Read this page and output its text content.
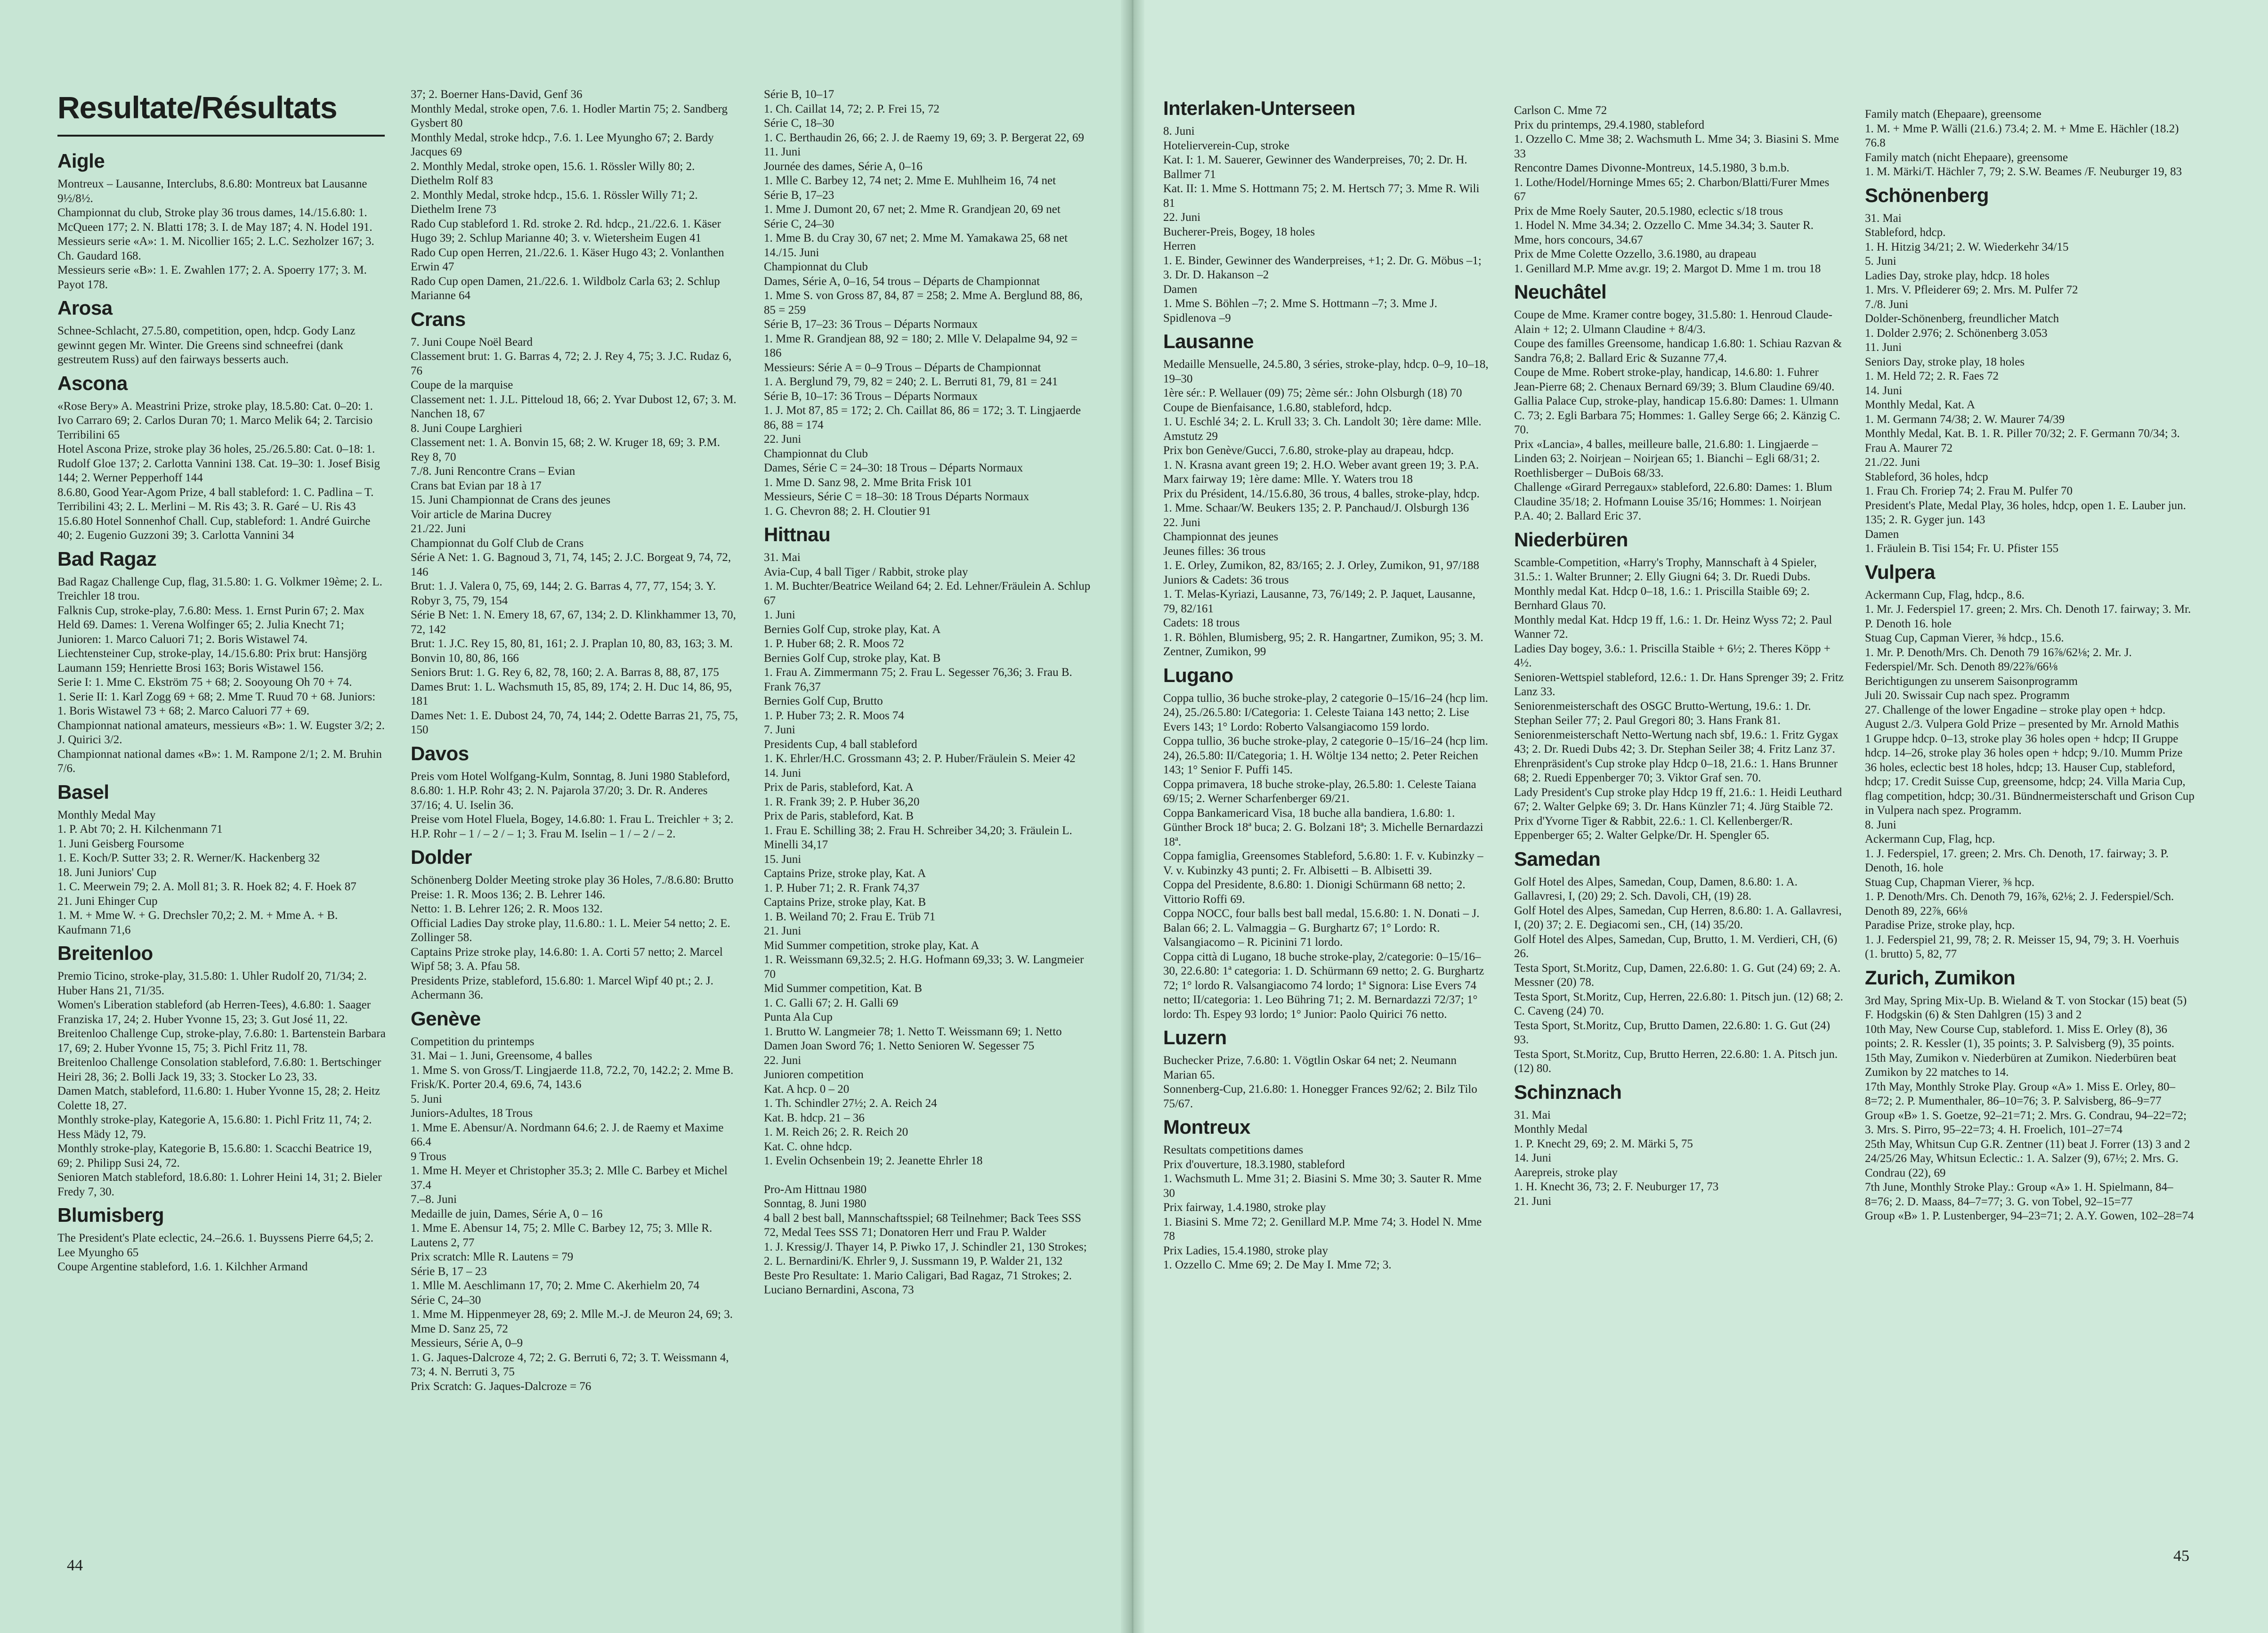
Resultate/Résultats
Aigle

Montreux – Lausanne, Interclubs, 8.6.80: Montreux bat Lausanne 9½/8½.

Championnat du club, Stroke play 36 trous dames, 14./15.6.80: 1. McQueen 177; 2. N. Blatti 178; 3. I. de May 187; 4. N. Hodel 191.

Messieurs serie «A»: 1. M. Nicollier 165; 2. L.C. Sezholzer 167; 3. Ch. Gaudard 168.

Messieurs serie «B»: 1. E. Zwahlen 177; 2. A. Spoerry 177; 3. M. Payot 178.

Arosa

Schnee-Schlacht, 27.5.80, competition, open, hdcp. Gody Lanz gewinnt gegen Mr. Winter. Die Greens sind schneefrei (dank gestreutem Russ) auf den fairways besserts auch.

Ascona

«Rose Bery» A. Meastrini Prize, stroke play, 18.5.80: Cat. 0–20: 1. Ivo Carraro 69; 2. Carlos Duran 70; 1. Marco Melik 64; 2. Tarcisio Terribilini 65

Hotel Ascona Prize, stroke play 36 holes, 25./26.5.80: Cat. 0–18: 1. Rudolf Gloe 137; 2. Carlotta Vannini 138. Cat. 19–30: 1. Josef Bisig 144; 2. Werner Pepperhoff 144

8.6.80, Good Year-Agom Prize, 4 ball stableford: 1. C. Padlina – T. Terribilini 43; 2. L. Merlini – M. Ris 43; 3. R. Garé – U. Ris 43

15.6.80 Hotel Sonnenhof Chall. Cup, stableford: 1. André Guirche 40; 2. Eugenio Guzzoni 39; 3. Carlotta Vannini 34

Bad Ragaz

Bad Ragaz Challenge Cup, flag, 31.5.80: 1. G. Volkmer 19ème; 2. L. Treichler 18 trou.

Falknis Cup, stroke-play, 7.6.80: Mess. 1. Ernst Purin 67; 2. Max Held 69. Dames: 1. Verena Wolfinger 65; 2. Julia Knecht 71; Junioren: 1. Marco Caluori 71; 2. Boris Wistawel 74.

Liechtensteiner Cup, stroke-play, 14./15.6.80: Prix brut: Hansjörg Laumann 159; Henriette Brosi 163; Boris Wistawel 156.

Serie I: 1. Mme C. Ekström 75 + 68; 2. Sooyoung Oh 70 + 74.

1. Serie II: 1. Karl Zogg 69 + 68; 2. Mme T. Ruud 70 + 68. Juniors: 1. Boris Wistawel 73 + 68; 2. Marco Caluori 77 + 69.

Championnat national amateurs, messieurs «B»: 1. W. Eugster 3/2; 2. J. Quirici 3/2.

Championnat national dames «B»: 1. M. Rampone 2/1; 2. M. Bruhin 7/6.

Basel

Monthly Medal May

1. P. Abt 70; 2. H. Kilchenmann 71

1. Juni Geisberg Foursome

1. E. Koch/P. Sutter 33; 2. R. Werner/K. Hackenberg 32

18. Juni Juniors' Cup

1. C. Meerwein 79; 2. A. Moll 81; 3. R. Hoek 82; 4. F. Hoek 87

21. Juni Ehinger Cup

1. M. + Mme W. + G. Drechsler 70,2; 2. M. + Mme A. + B. Kaufmann 71,6

Breitenloo

Premio Ticino, stroke-play, 31.5.80: 1. Uhler Rudolf 20, 71/34; 2. Huber Hans 21, 71/35.

Women's Liberation stableford (ab Herren-Tees), 4.6.80: 1. Saager Franziska 17, 24; 2. Huber Yvonne 15, 23; 3. Gut José 11, 22.

Breitenloo Challenge Cup, stroke-play, 7.6.80: 1. Bartenstein Barbara 17, 69; 2. Huber Yvonne 15, 75; 3. Pichl Fritz 11, 78.

Breitenloo Challenge Consolation stableford, 7.6.80: 1. Bertschinger Heiri 28, 36; 2. Bolli Jack 19, 33; 3. Stocker Lo 23, 33.

Damen Match, stableford, 11.6.80: 1. Huber Yvonne 15, 28; 2. Heitz Colette 18, 27.

Monthly stroke-play, Kategorie A, 15.6.80: 1. Pichl Fritz 11, 74; 2. Hess Mädy 12, 79.

Monthly stroke-play, Kategorie B, 15.6.80: 1. Scacchi Beatrice 19, 69; 2. Philipp Susi 24, 72.

Senioren Match stableford, 18.6.80: 1. Lohrer Heini 14, 31; 2. Bieler Fredy 7, 30.

Blumisberg

The President's Plate eclectic, 24.–26.6. 1. Buyssens Pierre 64,5; 2. Lee Myungho 65

Coupe Argentine stableford, 1.6. 1. Kilchher Armand

37; 2. Boerner Hans-David, Genf 36

Monthly Medal, stroke open, 7.6. 1. Hodler Martin 75; 2. Sandberg Gysbert 80

Monthly Medal, stroke hdcp., 7.6. 1. Lee Myungho 67; 2. Bardy Jacques 69

2. Monthly Medal, stroke open, 15.6. 1. Rössler Willy 80; 2. Diethelm Rolf 83

2. Monthly Medal, stroke hdcp., 15.6. 1. Rössler Willy 71; 2. Diethelm Irene 73

Rado Cup stableford 1. Rd. stroke 2. Rd. hdcp., 21./22.6. 1. Käser Hugo 39; 2. Schlup Marianne 40; 3. v. Wietersheim Eugen 41

Rado Cup open Herren, 21./22.6. 1. Käser Hugo 43; 2. Vonlanthen Erwin 47

Rado Cup open Damen, 21./22.6. 1. Wildbolz Carla 63; 2. Schlup Marianne 64

Crans

7. Juni Coupe Noël Beard

Classement brut: 1. G. Barras 4, 72; 2. J. Rey 4, 75; 3. J.C. Rudaz 6, 76

Coupe de la marquise

Classement net: 1. J.L. Pitteloud 18, 66; 2. Yvar Dubost 12, 67; 3. M. Nanchen 18, 67

8. Juni Coupe Larghieri

Classement net: 1. A. Bonvin 15, 68; 2. W. Kruger 18, 69; 3. P.M. Rey 8, 70

7./8. Juni Rencontre Crans – Evian

Crans bat Evian par 18 à 17

15. Juni Championnat de Crans des jeunes

Voir article de Marina Ducrey

21./22. Juni

Championnat du Golf Club de Crans

Série A Net: 1. G. Bagnoud 3, 71, 74, 145; 2. J.C. Borgeat 9, 74, 72, 146

Brut: 1. J. Valera 0, 75, 69, 144; 2. G. Barras 4, 77, 77, 154; 3. Y. Robyr 3, 75, 79, 154

Série B Net: 1. N. Emery 18, 67, 67, 134; 2. D. Klinkhammer 13, 70, 72, 142

Brut: 1. J.C. Rey 15, 80, 81, 161; 2. J. Praplan 10, 80, 83, 163; 3. M. Bonvin 10, 80, 86, 166

Seniors Brut: 1. G. Rey 6, 82, 78, 160; 2. A. Barras 8, 88, 87, 175

Dames Brut: 1. L. Wachsmuth 15, 85, 89, 174; 2. H. Duc 14, 86, 95, 181

Dames Net: 1. E. Dubost 24, 70, 74, 144; 2. Odette Barras 21, 75, 75, 150

Davos

Preis vom Hotel Wolfgang-Kulm, Sonntag, 8. Juni 1980 Stableford, 8.6.80: 1. H.P. Rohr 43; 2. N. Pajarola 37/20; 3. Dr. R. Anderes 37/16; 4. U. Iselin 36.

Preise vom Hotel Fluela, Bogey, 14.6.80: 1. Frau L. Treichler + 3; 2. H.P. Rohr – 1 / – 2 / – 1; 3. Frau M. Iselin – 1 / – 2 / – 2.

Dolder

Schönenberg Dolder Meeting stroke play 36 Holes, 7./8.6.80: Brutto Preise: 1. R. Moos 136; 2. B. Lehrer 146.

Netto: 1. B. Lehrer 126; 2. R. Moos 132.

Official Ladies Day stroke play, 11.6.80.: 1. L. Meier 54 netto; 2. E. Zollinger 58.

Captains Prize stroke play, 14.6.80: 1. A. Corti 57 netto; 2. Marcel Wipf 58; 3. A. Pfau 58.

Presidents Prize, stableford, 15.6.80: 1. Marcel Wipf 40 pt.; 2. J. Achermann 36.

Genève

Competition du printemps

31. Mai – 1. Juni, Greensome, 4 balles

1. Mme S. von Gross/T. Lingjaerde 11.8, 72.2, 70, 142.2; 2. Mme B. Frisk/K. Porter 20.4, 69.6, 74, 143.6

5. Juni

Juniors-Adultes, 18 Trous

1. Mme E. Abensur/A. Nordmann 64.6; 2. J. de Raemy et Maxime 66.4

9 Trous

1. Mme H. Meyer et Christopher 35.3; 2. Mlle C. Barbey et Michel 37.4

7.–8. Juni

Medaille de juin, Dames, Série A, 0 – 16

1. Mme E. Abensur 14, 75; 2. Mlle C. Barbey 12, 75; 3. Mlle R. Lautens 2, 77

Prix scratch: Mlle R. Lautens = 79

Série B, 17 – 23

1. Mlle M. Aeschlimann 17, 70; 2. Mme C. Akerhielm 20, 74

Série C, 24–30

1. Mme M. Hippenmeyer 28, 69; 2. Mlle M.-J. de Meuron 24, 69; 3. Mme D. Sanz 25, 72

Messieurs, Série A, 0–9

1. G. Jaques-Dalcroze 4, 72; 2. G. Berruti 6, 72; 3. T. Weissmann 4, 73; 4. N. Berruti 3, 75

Prix Scratch: G. Jaques-Dalcroze = 76

Série B, 10–17

1. Ch. Caillat 14, 72; 2. P. Frei 15, 72

Série C, 18–30

1. C. Berthaudin 26, 66; 2. J. de Raemy 19, 69; 3. P. Bergerat 22, 69

11. Juni

Journée des dames, Série A, 0–16

1. Mlle C. Barbey 12, 74 net; 2. Mme E. Muhlheim 16, 74 net

Série B, 17–23

1. Mme J. Dumont 20, 67 net; 2. Mme R. Grandjean 20, 69 net

Série C, 24–30

1. Mme B. du Cray 30, 67 net; 2. Mme M. Yamakawa 25, 68 net

14./15. Juni

Championnat du Club

Dames, Série A, 0–16, 54 trous – Départs de Championnat

1. Mme S. von Gross 87, 84, 87 = 258; 2. Mme A. Berglund 88, 86, 85 = 259

Série B, 17–23: 36 Trous – Départs Normaux

1. Mme R. Grandjean 88, 92 = 180; 2. Mlle V. Delapalme 94, 92 = 186

Messieurs: Série A = 0–9 Trous – Départs de Championnat

1. A. Berglund 79, 79, 82 = 240; 2. L. Berruti 81, 79, 81 = 241

Série B, 10–17: 36 Trous – Départs Normaux

1. J. Mot 87, 85 = 172; 2. Ch. Caillat 86, 86 = 172; 3. T. Lingjaerde 86, 88 = 174

22. Juni

Championnat du Club

Dames, Série C = 24–30: 18 Trous – Départs Normaux

1. Mme D. Sanz 98, 2. Mme Brita Frisk 101

Messieurs, Série C = 18–30: 18 Trous Départs Normaux

1. G. Chevron 88; 2. H. Cloutier 91

Hittnau

31. Mai

Avia-Cup, 4 ball Tiger / Rabbit, stroke play

1. M. Buchter/Beatrice Weiland 64; 2. Ed. Lehner/Fräulein A. Schlup 67

1. Juni

Bernies Golf Cup, stroke play, Kat. A

1. P. Huber 68; 2. R. Moos 72

Bernies Golf Cup, stroke play, Kat. B

1. Frau A. Zimmermann 75; 2. Frau L. Segesser 76,36; 3. Frau B. Frank 76,37

Bernies Golf Cup, Brutto

1. P. Huber 73; 2. R. Moos 74

7. Juni

Presidents Cup, 4 ball stableford

1. K. Ehrler/H.C. Grossmann 43; 2. P. Huber/Fräulein S. Meier 42

14. Juni

Prix de Paris, stableford, Kat. A

1. R. Frank 39; 2. P. Huber 36,20

Prix de Paris, stableford, Kat. B

1. Frau E. Schilling 38; 2. Frau H. Schreiber 34,20; 3. Fräulein L. Minelli 34,17

15. Juni

Captains Prize, stroke play, Kat. A

1. P. Huber 71; 2. R. Frank 74,37

Captains Prize, stroke play, Kat. B

1. B. Weiland 70; 2. Frau E. Trüb 71

21. Juni

Mid Summer competition, stroke play, Kat. A

1. R. Weissmann 69,32.5; 2. H.G. Hofmann 69,33; 3. W. Langmeier 70

Mid Summer competition, Kat. B

1. C. Galli 67; 2. H. Galli 69

Punta Ala Cup

1. Brutto W. Langmeier 78; 1. Netto T. Weissmann 69; 1. Netto Damen Joan Sword 76; 1. Netto Senioren W. Segesser 75

22. Juni

Junioren competition

Kat. A hcp. 0 – 20

1. Th. Schindler 27½; 2. A. Reich 24

Kat. B. hdcp. 21 – 36

1. M. Reich 26; 2. R. Reich 20

Kat. C. ohne hdcp.

1. Evelin Ochsenbein 19; 2. Jeanette Ehrler 18

Pro-Am Hittnau 1980

Sonntag, 8. Juni 1980

4 ball 2 best ball, Mannschaftsspiel; 68 Teilnehmer; Back Tees SSS 72, Medal Tees SSS 71; Donatoren Herr und Frau P. Walder

1. J. Kressig/J. Thayer 14, P. Piwko 17, J. Schindler 21, 130 Strokes; 2. L. Bernardini/K. Ehrler 9, J. Sussmann 19, P. Walder 21, 132

Beste Pro Resultate: 1. Mario Caligari, Bad Ragaz, 71 Strokes; 2. Luciano Bernardini, Ascona, 73

Interlaken-Unterseen

8. Juni

Hotelierverein-Cup, stroke

Kat. I: 1. M. Sauerer, Gewinner des Wanderpreises, 70; 2. Dr. H. Ballmer 71

Kat. II: 1. Mme S. Hottmann 75; 2. M. Hertsch 77; 3. Mme R. Wili 81

22. Juni

Bucherer-Preis, Bogey, 18 holes

Herren

1. E. Binder, Gewinner des Wanderpreises, +1; 2. Dr. G. Möbus –1; 3. Dr. D. Hakanson –2

Damen

1. Mme S. Böhlen –7; 2. Mme S. Hottmann –7; 3. Mme J. Spidlenova –9

Lausanne

Medaille Mensuelle, 24.5.80, 3 séries, stroke-play, hdcp. 0–9, 10–18, 19–30

1ère sér.: P. Wellauer (09) 75; 2ème sér.: John Olsburgh (18) 70

Coupe de Bienfaisance, 1.6.80, stableford, hdcp.

1. U. Eschlé 34; 2. L. Krull 33; 3. Ch. Landolt 30; 1ère dame: Mlle. Amstutz 29

Prix bon Genève/Gucci, 7.6.80, stroke-play au drapeau, hdcp.

1. N. Krasna avant green 19; 2. H.O. Weber avant green 19; 3. P.A. Marx fairway 19; 1ère dame: Mlle. Y. Waters trou 18

Prix du Président, 14./15.6.80, 36 trous, 4 balles, stroke-play, hdcp.

1. Mme. Schaar/W. Beukers 135; 2. P. Panchaud/J. Olsburgh 136

22. Juni

Championnat des jeunes

Jeunes filles: 36 trous

1. E. Orley, Zumikon, 82, 83/165; 2. J. Orley, Zumikon, 91, 97/188

Juniors & Cadets: 36 trous

1. T. Melas-Kyriazi, Lausanne, 73, 76/149; 2. P. Jaquet, Lausanne, 79, 82/161

Cadets: 18 trous

1. R. Böhlen, Blumisberg, 95; 2. R. Hangartner, Zumikon, 95; 3. M. Zentner, Zumikon, 99

Lugano

Coppa tullio, 36 buche stroke-play, 2 categorie 0–15/16–24 (hcp lim. 24), 25./26.5.80: I/Categoria: 1. Celeste Taiana 143 netto; 2. Lise Evers 143; 1° Lordo: Roberto Valsangiacomo 159 lordo.

Coppa tullio, 36 buche stroke-play, 2 categorie 0–15/16–24 (hcp lim. 24), 26.5.80: II/Categoria; 1. H. Wöltje 134 netto; 2. Peter Reichen 143; 1° Senior F. Puffi 145.

Coppa primavera, 18 buche stroke-play, 26.5.80: 1. Celeste Taiana 69/15; 2. Werner Scharfenberger 69/21.

Coppa Bankamericard Visa, 18 buche alla bandiera, 1.6.80: 1. Günther Brock 18ª buca; 2. G. Bolzani 18ª; 3. Michelle Bernardazzi 18ª.

Coppa famiglia, Greensomes Stableford, 5.6.80: 1. F. v. Kubinzky – V. v. Kubinzky 43 punti; 2. Fr. Albisetti – B. Albisetti 39.

Coppa del Presidente, 8.6.80: 1. Dionigi Schürmann 68 netto; 2. Vittorio Roffi 69.

Coppa NOCC, four balls best ball medal, 15.6.80: 1. N. Donati – J. Balan 66; 2. L. Valmaggia – G. Burghartz 67; 1° Lordo: R. Valsangiacomo – R. Picinini 71 lordo.

Coppa città di Lugano, 18 buche stroke-play, 2/categorie: 0–15/16–30, 22.6.80: 1ª categoria: 1. D. Schürmann 69 netto; 2. G. Burghartz 72; 1° lordo R. Valsangiacomo 74 lordo; 1ª Signora: Lise Evers 74 netto; II/categoria: 1. Leo Bühring 71; 2. M. Bernardazzi 72/37; 1° lordo: Th. Espey 93 lordo; 1° Junior: Paolo Quirici 76 netto.

Luzern

Buchecker Prize, 7.6.80: 1. Vögtlin Oskar 64 net; 2. Neumann Marian 65.

Sonnenberg-Cup, 21.6.80: 1. Honegger Frances 92/62; 2. Bilz Tilo 75/67.

Montreux

Resultats competitions dames

Prix d'ouverture, 18.3.1980, stableford

1. Wachsmuth L. Mme 31; 2. Biasini S. Mme 30; 3. Sauter R. Mme 30

Prix fairway, 1.4.1980, stroke play

1. Biasini S. Mme 72; 2. Genillard M.P. Mme 74; 3. Hodel N. Mme 78

Prix Ladies, 15.4.1980, stroke play

1. Ozzello C. Mme 69; 2. De May I. Mme 72; 3.

Carlson C. Mme 72

Prix du printemps, 29.4.1980, stableford

1. Ozzello C. Mme 38; 2. Wachsmuth L. Mme 34; 3. Biasini S. Mme 33

Rencontre Dames Divonne-Montreux, 14.5.1980, 3 b.m.b.

1. Lothe/Hodel/Horninge Mmes 65; 2. Charbon/Blatti/Furer Mmes 67

Prix de Mme Roely Sauter, 20.5.1980, eclectic s/18 trous

1. Hodel N. Mme 34.34; 2. Ozzello C. Mme 34.34; 3. Sauter R. Mme, hors concours, 34.67

Prix de Mme Colette Ozzello, 3.6.1980, au drapeau

1. Genillard M.P. Mme av.gr. 19; 2. Margot D. Mme 1 m. trou 18

Neuchâtel

Coupe de Mme. Kramer contre bogey, 31.5.80: 1. Henroud Claude-Alain + 12; 2. Ulmann Claudine + 8/4/3.

Coupe des familles Greensome, handicap 1.6.80: 1. Schiau Razvan & Sandra 76,8; 2. Ballard Eric & Suzanne 77,4.

Coupe de Mme. Robert stroke-play, handicap, 14.6.80: 1. Fuhrer Jean-Pierre 68; 2. Chenaux Bernard 69/39; 3. Blum Claudine 69/40.

Gallia Palace Cup, stroke-play, handicap 15.6.80: Dames: 1. Ulmann C. 73; 2. Egli Barbara 75; Hommes: 1. Galley Serge 66; 2. Känzig C. 70.

Prix «Lancia», 4 balles, meilleure balle, 21.6.80: 1. Lingjaerde – Linden 63; 2. Noirjean – Noirjean 65; 1. Bianchi – Egli 68/31; 2. Roethlisberger – DuBois 68/33.

Challenge «Girard Perregaux» stableford, 22.6.80: Dames: 1. Blum Claudine 35/18; 2. Hofmann Louise 35/16; Hommes: 1. Noirjean P.A. 40; 2. Ballard Eric 37.

Niederbüren

Scamble-Competition, «Harry's Trophy, Mannschaft à 4 Spieler, 31.5.: 1. Walter Brunner; 2. Elly Giugni 64; 3. Dr. Ruedi Dubs.

Monthly medal Kat. Hdcp 0–18, 1.6.: 1. Priscilla Staible 69; 2. Bernhard Glaus 70.

Monthly medal Kat. Hdcp 19 ff, 1.6.: 1. Dr. Heinz Wyss 72; 2. Paul Wanner 72.

Ladies Day bogey, 3.6.: 1. Priscilla Staible + 6½; 2. Theres Köpp + 4½.

Senioren-Wettspiel stableford, 12.6.: 1. Dr. Hans Sprenger 39; 2. Fritz Lanz 33.

Seniorenmeisterschaft des OSGC Brutto-Wertung, 19.6.: 1. Dr. Stephan Seiler 77; 2. Paul Gregori 80; 3. Hans Frank 81.

Seniorenmeisterschaft Netto-Wertung nach sbf, 19.6.: 1. Fritz Gygax 43; 2. Dr. Ruedi Dubs 42; 3. Dr. Stephan Seiler 38; 4. Fritz Lanz 37.

Ehrenpräsident's Cup stroke play Hdcp 0–18, 21.6.: 1. Hans Brunner 68; 2. Ruedi Eppenberger 70; 3. Viktor Graf sen. 70.

Lady President's Cup stroke play Hdcp 19 ff, 21.6.: 1. Heidi Leuthard 67; 2. Walter Gelpke 69; 3. Dr. Hans Künzler 71; 4. Jürg Staible 72.

Prix d'Yvorne Tiger & Rabbit, 22.6.: 1. Cl. Kellenberger/R. Eppenberger 65; 2. Walter Gelpke/Dr. H. Spengler 65.

Samedan

Golf Hotel des Alpes, Samedan, Coup, Damen, 8.6.80: 1. A. Gallavresi, I, (20) 29; 2. Sch. Davoli, CH, (19) 28.

Golf Hotel des Alpes, Samedan, Cup Herren, 8.6.80: 1. A. Gallavresi, I, (20) 37; 2. E. Degiacomi sen., CH, (14) 35/20.

Golf Hotel des Alpes, Samedan, Cup, Brutto, 1. M. Verdieri, CH, (6) 26.

Testa Sport, St.Moritz, Cup, Damen, 22.6.80: 1. G. Gut (24) 69; 2. A. Messner (20) 78.

Testa Sport, St.Moritz, Cup, Herren, 22.6.80: 1. Pitsch jun. (12) 68; 2. C. Caveng (24) 70.

Testa Sport, St.Moritz, Cup, Brutto Damen, 22.6.80: 1. G. Gut (24) 93.

Testa Sport, St.Moritz, Cup, Brutto Herren, 22.6.80: 1. A. Pitsch jun. (12) 80.

Schinznach

31. Mai

Monthly Medal

1. P. Knecht 29, 69; 2. M. Märki 5, 75

14. Juni

Aarepreis, stroke play

1. H. Knecht 36, 73; 2. F. Neuburger 17, 73

21. Juni

Family match (Ehepaare), greensome

1. M. + Mme P. Wälli (21.6.) 73.4; 2. M. + Mme E. Hächler (18.2) 76.8

Family match (nicht Ehepaare), greensome

1. M. Märki/T. Hächler 7, 79; 2. S.W. Beames /F. Neuburger 19, 83

Schönenberg

31. Mai

Stableford, hdcp.

1. H. Hitzig 34/21; 2. W. Wiederkehr 34/15

5. Juni

Ladies Day, stroke play, hdcp. 18 holes

1. Mrs. V. Pfleiderer 69; 2. Mrs. M. Pulfer 72

7./8. Juni

Dolder-Schönenberg, freundlicher Match

1. Dolder 2.976; 2. Schönenberg 3.053

11. Juni

Seniors Day, stroke play, 18 holes

1. M. Held 72; 2. R. Faes 72

14. Juni

Monthly Medal, Kat. A

1. M. Germann 74/38; 2. W. Maurer 74/39

Monthly Medal, Kat. B. 1. R. Piller 70/32; 2. F. Germann 70/34; 3. Frau A. Maurer 72

21./22. Juni

Stableford, 36 holes, hdcp

1. Frau Ch. Froriep 74; 2. Frau M. Pulfer 70

President's Plate, Medal Play, 36 holes, hdcp, open 1. E. Lauber jun. 135; 2. R. Gyger jun. 143

Damen

1. Fräulein B. Tisi 154; Fr. U. Pfister 155

Vulpera

Ackermann Cup, Flag, hdcp., 8.6.

1. Mr. J. Federspiel 17. green; 2. Mrs. Ch. Denoth 17. fairway; 3. Mr. P. Denoth 16. hole

Stuag Cup, Capman Vierer, ⅜ hdcp., 15.6.

1. Mr. P. Denoth/Mrs. Ch. Denoth 79 16⅞/62⅛; 2. Mr. J. Federspiel/Mr. Sch. Denoth 89/22⅞/66⅛

Berichtigungen zu unserem Saisonprogramm

Juli 20. Swissair Cup nach spez. Programm

27. Challenge of the lower Engadine – stroke play open + hdcp.

August 2./3. Vulpera Gold Prize – presented by Mr. Arnold Mathis

1 Gruppe hdcp. 0–13, stroke play 36 holes open + hdcp; II Gruppe hdcp. 14–26, stroke play 36 holes open + hdcp; 9./10. Mumm Prize 36 holes, eclectic best 18 holes, hdcp; 13. Hauser Cup, stableford, hdcp; 17. Credit Suisse Cup, greensome, hdcp; 24. Villa Maria Cup, flag competition, hdcp; 30./31. Bündnermeisterschaft und Grison Cup in Vulpera nach spez. Programm.

8. Juni

Ackermann Cup, Flag, hcp.

1. J. Federspiel, 17. green; 2. Mrs. Ch. Denoth, 17. fairway; 3. P. Denoth, 16. hole

Stuag Cup, Chapman Vierer, ⅜ hcp.

1. P. Denoth/Mrs. Ch. Denoth 79, 16⅞, 62⅛; 2. J. Federspiel/Sch. Denoth 89, 22⅞, 66⅛

Paradise Prize, stroke play, hcp.

1. J. Federspiel 21, 99, 78; 2. R. Meisser 15, 94, 79; 3. H. Voerhuis (1. brutto) 5, 82, 77

Zurich, Zumikon

3rd May, Spring Mix-Up. B. Wieland & T. von Stockar (15) beat (5) F. Hodgskin (6) & Sten Dahlgren (15) 3 and 2

10th May, New Course Cup, stableford. 1. Miss E. Orley (8), 36 points; 2. R. Kessler (1), 35 points; 3. P. Salvisberg (9), 35 points.

15th May, Zumikon v. Niederbüren at Zumikon. Niederbüren beat Zumikon by 22 matches to 14.

17th May, Monthly Stroke Play. Group «A» 1. Miss E. Orley, 80–8=72; 2. P. Mumenthaler, 86–10=76; 3. P. Salvisberg, 86–9=77

Group «B» 1. S. Goetze, 92–21=71; 2. Mrs. G. Condrau, 94–22=72; 3. Mrs. S. Pirro, 95–22=73; 4. H. Froelich, 101–27=74

25th May, Whitsun Cup G.R. Zentner (11) beat J. Forrer (13) 3 and 2

24/25/26 May, Whitsun Eclectic.: 1. A. Salzer (9), 67½; 2. Mrs. G. Condrau (22), 69

7th June, Monthly Stroke Play.: Group «A» 1. H. Spielmann, 84–8=76; 2. D. Maass, 84–7=77; 3. G. von Tobel, 92–15=77

Group «B» 1. P. Lustenberger, 94–23=71; 2. A.Y. Gowen, 102–28=74

44
45
